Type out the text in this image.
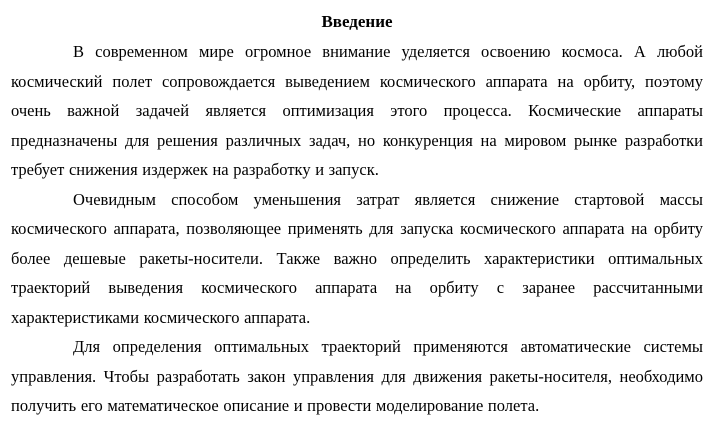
Введение

В современном мире огромное внимание уделяется освоению космоса. А любой космический полет сопровождается выведением космического аппарата на орбиту, поэтому очень важной задачей является оптимизация этого процесса. Космические аппараты предназначены для решения различных задач, но конкуренция на мировом рынке разработки требует снижения издержек на разработку и запуск.

Очевидным способом уменьшения затрат является снижение стартовой массы космического аппарата, позволяющее применять для запуска космического аппарата на орбиту более дешевые ракеты-носители. Также важно определить характеристики оптимальных траекторий выведения космического аппарата на орбиту с заранее рассчитанными характеристиками космического аппарата.

Для определения оптимальных траекторий применяются автоматические системы управления. Чтобы разработать закон управления для движения ракеты-носителя, необходимо получить его математическое описание и провести моделирование полета.
